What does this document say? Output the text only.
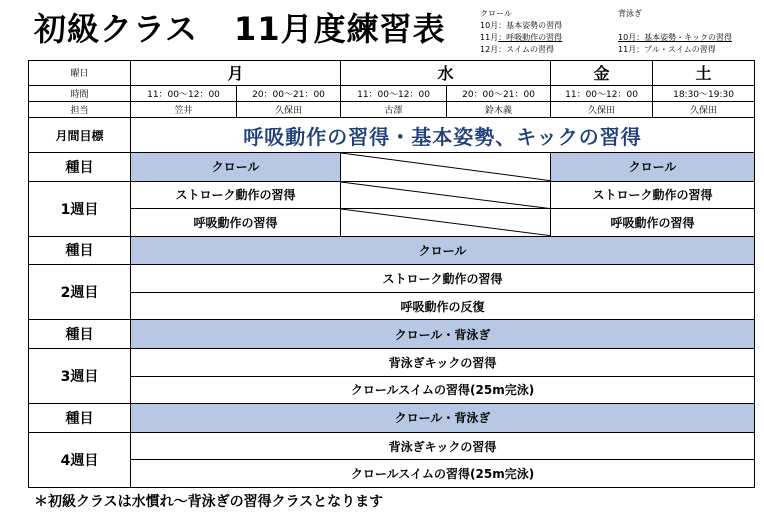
初級クラス 11月度練習表	クロール
10月：基本姿勢の習得
11月：呼吸動作の習得
12月：スイムの習得
背泳ぎ
10月：基本姿勢・キックの習得
11月：プル・スイムの習得
曜日	月		水		金	土
時間	11：00～12：00	20：00～21：00	11：00～12：00	20：00～21：00	11：00～12：00	18:30～19:30
担当	笠井	久保田	古澤	鈴木義	久保田	久保田
月間目標	呼吸動作の習得・基本姿勢、キックの習得					
種目	クロール				クロール	
1週目	ストローク動作の習得				ストローク動作の習得	
	呼吸動作の習得				呼吸動作の習得	
種目	クロール					
2週目	ストローク動作の習得					
	呼吸動作の反復					
種目	クロール・背泳ぎ					
3週目	背泳ぎキックの習得					
	クロールスイムの習得(25m完泳)					
種目	クロール・背泳ぎ					
4週目	背泳ぎキックの習得					
	クロールスイムの習得(25m完泳)					
＊初級クラスは水慣れ～背泳ぎの習得クラスとなります
